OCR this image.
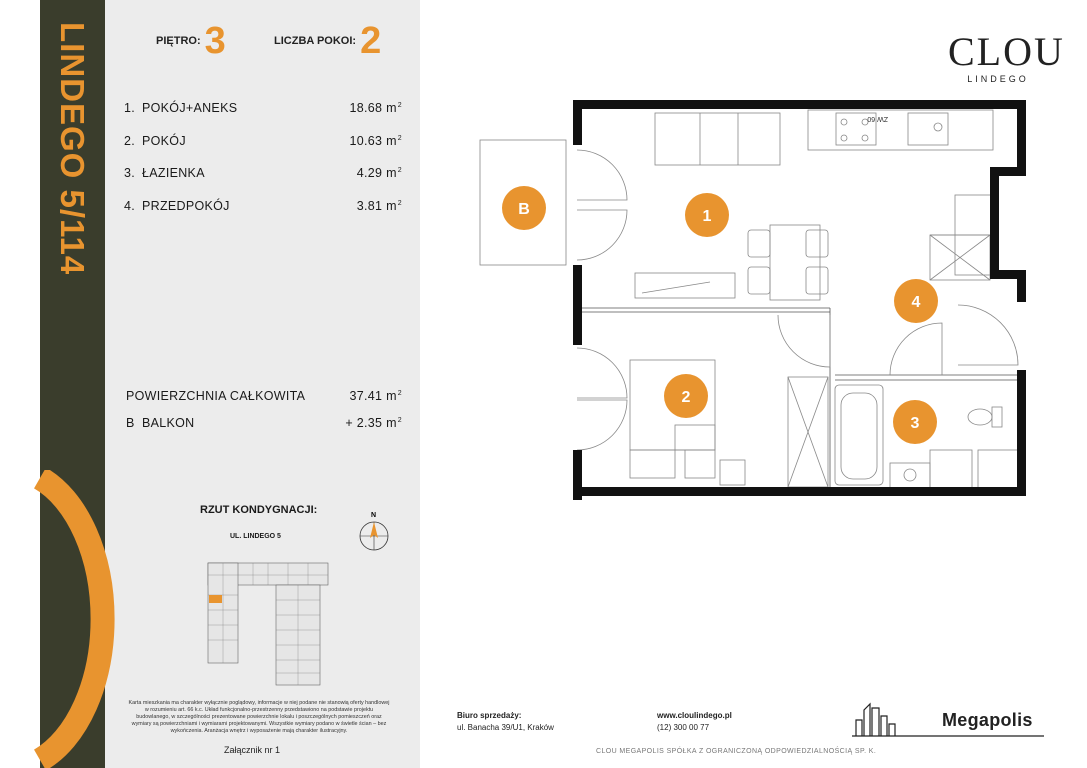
LINDEGO 5/114	PIĘTRO: 3	LICZBA POKOI: 2
1. POKÓJ+ANEKS	18.68 $m^2$
2. POKÓJ	10.63 $m^2$
3. ŁAZIENKA	4.29 $m^2$
4. PRZEDPOKÓJ	3.81 $m^2$
POWIERZCHNIA CAŁKOWITA	37.41 $m^2$
B BALKON	+ 2.35 $m^2$
RZUT KONDYGNACJI:
UL. LINDEGO 5
N
Karta mieszkania ma charakter wyłącznie poglądowy, informacje w niej podane nie stanowią oferty handlowej w rozumieniu art. 66 k.c. Układ funkcjonalno-przestrzenny przedstawiono na podstawie projektu budowlanego, w szczególności prezentowane powierzchnie lokalu i poszczególnych pomieszczeń oraz wymiary są powierzchniami i wymiarami projektowanymi. Wszystkie wymiary podano w świetle ścian – bez wykończenia. Aranżacja wnętrz i wyposażenie mają charakter ilustracyjny.
Załącznik nr 1
CLOU
LINDEGO
ZW 60
B	1
2
3
4
Biuro sprzedaży:
ul. Banacha 39/U1, Kraków
www.cloulindego.pl
(12) 300 00 77
CLOU MEGAPOLIS SPÓŁKA Z OGRANICZONĄ ODPOWIEDZIALNOŚCIĄ SP. K.
Megapolis
